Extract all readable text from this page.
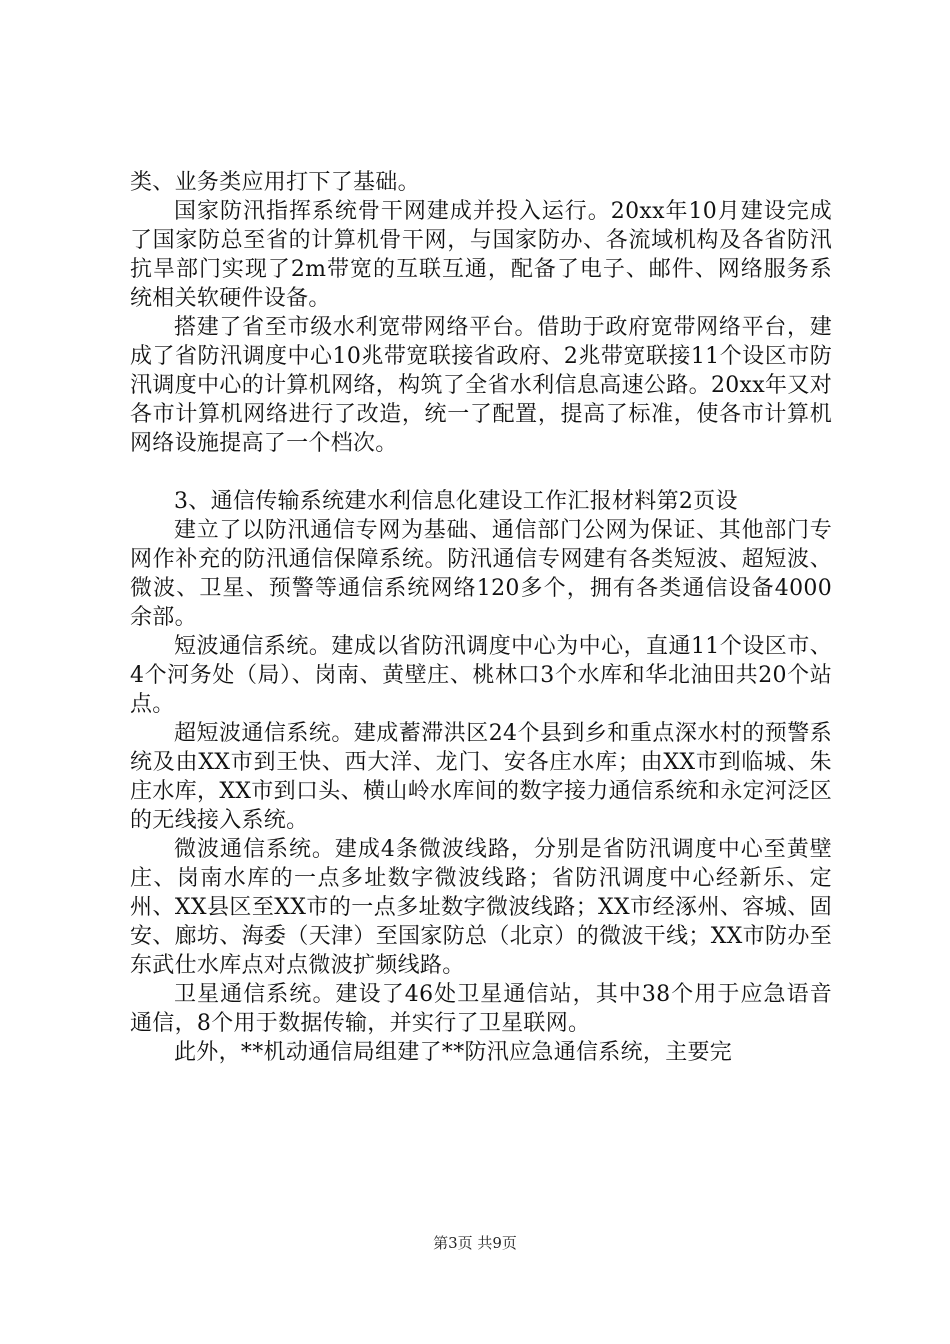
类、业务类应用打下了基础。

国家防汛指挥系统骨干网建成并投入运行。20xx年10月建设完成了国家防总至省的计算机骨干网，与国家防办、各流域机构及各省防汛抗旱部门实现了2m带宽的互联互通，配备了电子、邮件、网络服务系统相关软硬件设备。

搭建了省至市级水利宽带网络平台。借助于政府宽带网络平台，建成了省防汛调度中心10兆带宽联接省政府、2兆带宽联接11个设区市防汛调度中心的计算机网络，构筑了全省水利信息高速公路。20xx年又对各市计算机网络进行了改造，统一了配置，提高了标准，使各市计算机网络设施提高了一个档次。

3、通信传输系统建水利信息化建设工作汇报材料第2页设

建立了以防汛通信专网为基础、通信部门公网为保证、其他部门专网作补充的防汛通信保障系统。防汛通信专网建有各类短波、超短波、微波、卫星、预警等通信系统网络120多个，拥有各类通信设备4000余部。

短波通信系统。建成以省防汛调度中心为中心，直通11个设区市、4个河务处（局）、岗南、黄壁庄、桃林口3个水库和华北油田共20个站点。

超短波通信系统。建成蓄滞洪区24个县到乡和重点深水村的预警系统及由XX市到王快、西大洋、龙门、安各庄水库；由XX市到临城、朱庄水库，XX市到口头、横山岭水库间的数字接力通信系统和永定河泛区的无线接入系统。

微波通信系统。建成4条微波线路，分别是省防汛调度中心至黄壁庄、岗南水库的一点多址数字微波线路；省防汛调度中心经新乐、定州、XX县区至XX市的一点多址数字微波线路；XX市经涿州、容城、固安、廊坊、海委（天津）至国家防总（北京）的微波干线；XX市防办至东武仕水库点对点微波扩频线路。

卫星通信系统。建设了46处卫星通信站，其中38个用于应急语音通信，8个用于数据传输，并实行了卫星联网。

此外，**机动通信局组建了**防汛应急通信系统，主要完

第3页 共9页
